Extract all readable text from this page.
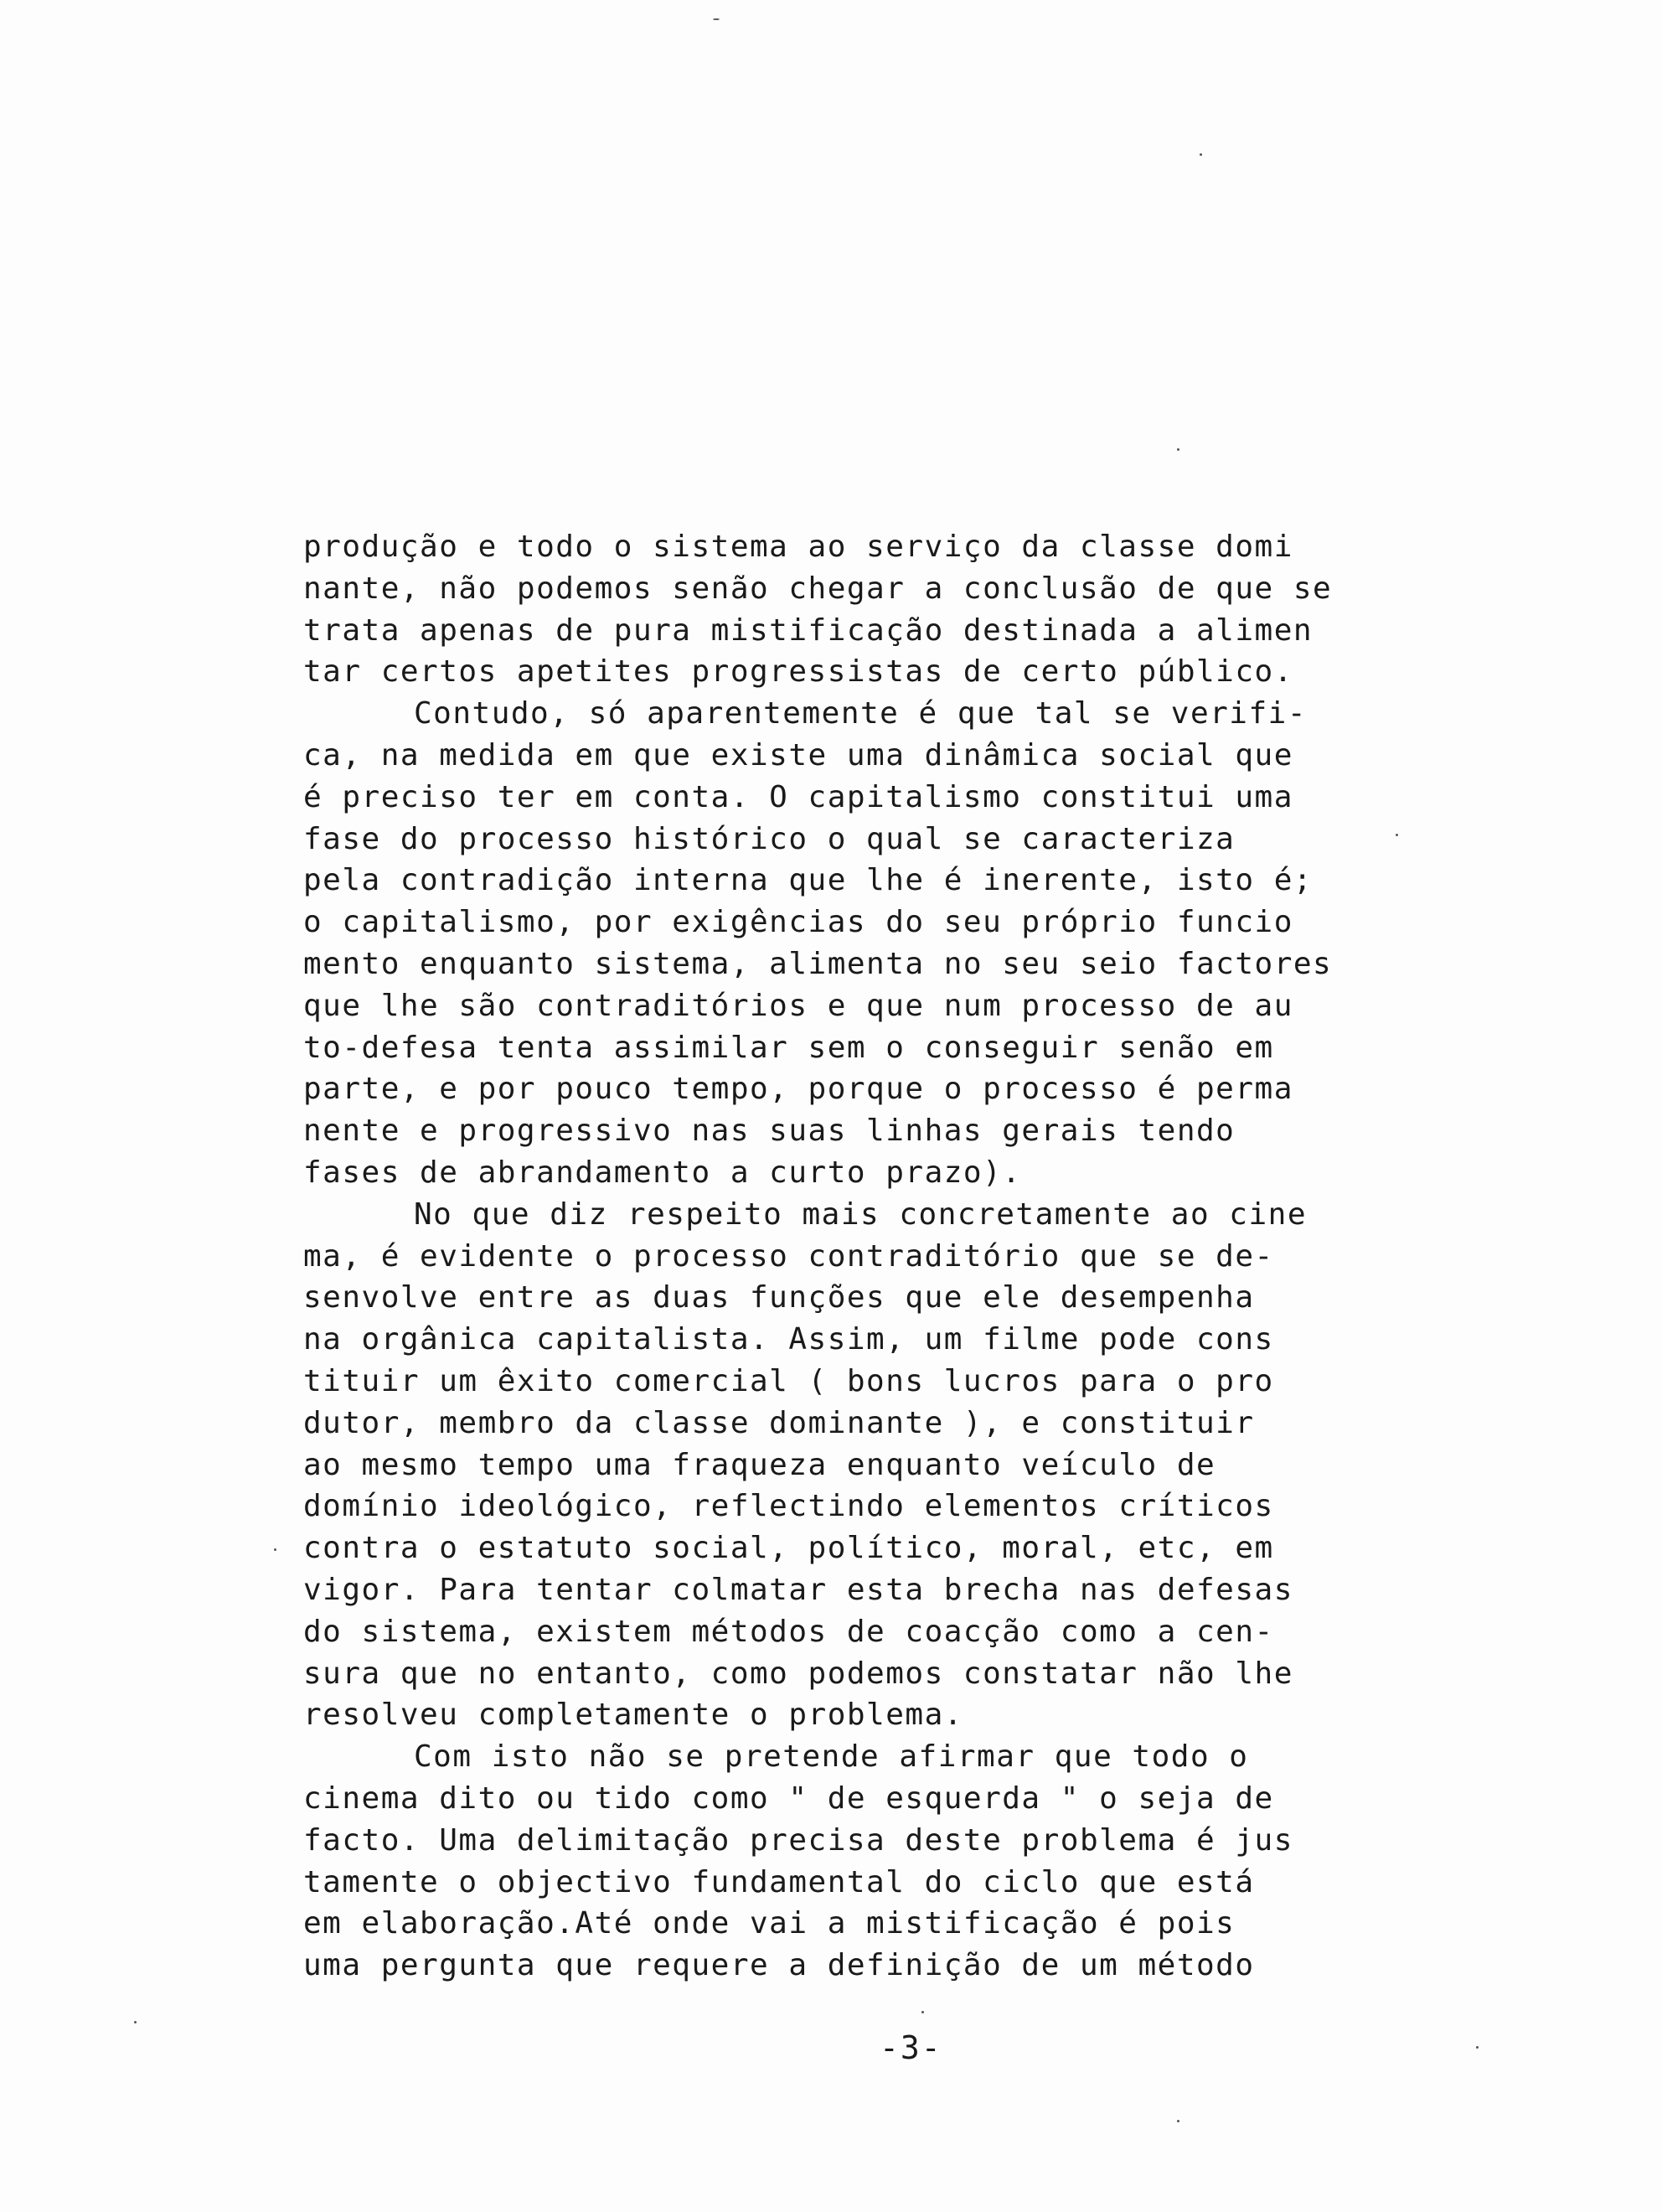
produção e todo o sistema ao serviço da classe domi
nante, não podemos senão chegar a conclusão de que se
trata apenas de pura mistificação destinada a alimen
tar certos apetites progressistas de certo público.
Contudo, só aparentemente é que tal se verifi-
ca, na medida em que existe uma dinâmica social que
é preciso ter em conta. O capitalismo constitui uma
fase do processo histórico o qual se caracteriza
pela contradição interna que lhe é inerente, isto é;
o capitalismo, por exigências do seu próprio funcio
mento enquanto sistema, alimenta no seu seio factores
que lhe são contraditórios e que num processo de au
to-defesa tenta assimilar sem o conseguir senão em
parte, e por pouco tempo, porque o processo é perma
nente e progressivo nas suas linhas gerais tendo
fases de abrandamento a curto prazo).
No que diz respeito mais concretamente ao cine
ma, é evidente o processo contraditório que se de-
senvolve entre as duas funções que ele desempenha
na orgânica capitalista. Assim, um filme pode cons
tituir um êxito comercial ( bons lucros para o pro
dutor, membro da classe dominante ), e constituir
ao mesmo tempo uma fraqueza enquanto veículo de
domínio ideológico, reflectindo elementos críticos
contra o estatuto social, político, moral, etc, em
vigor. Para tentar colmatar esta brecha nas defesas
do sistema, existem métodos de coacção como a cen-
sura que no entanto, como podemos constatar não lhe
resolveu completamente o problema.
Com isto não se pretende afirmar que todo o
cinema dito ou tido como " de esquerda " o seja de
facto. Uma delimitação precisa deste problema é jus
tamente o objectivo fundamental do ciclo que está
em elaboração.Até onde vai a mistificação é pois
uma pergunta que requere a definição de um método
-3-
